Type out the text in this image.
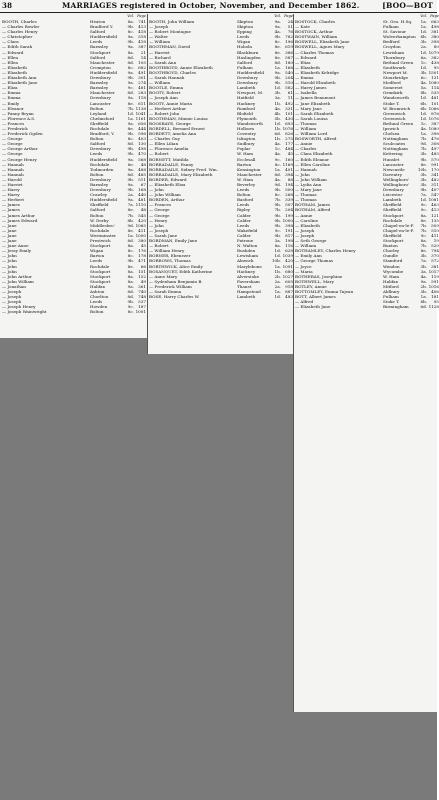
38	MARRIAGES registered in October, November, and December 1862.	[BOO—BOT
Vol. Page
BOOTH, Charles	Heaton	8a.	741
— Charles Bowler	Bradford Y.	9b.	413
— Charles Henry	Salford	8c.	418
— Christopher	Huddersfield	9a.	518
— Clara	Leeds	9b.	418
— Edith Sarah	Barnsley	9a.	387
— Edward	Stockport	8a.	21
— Ellen	Salford	8d.	14
— Ellen	Manchester	8d.	105
— Elizabeth	Crompton	8c.	682
— Elizabeth	Huddersfield	9a.	491
— Elizabeth Ann	Dewsbury	9b.	301
— Elizabeth Jane	Barnsley	9a.	274
— Eliza	Barnsley	9c.	481
— Emma	Manchester	8d.	283
— Emma	Dewsbury	9a.	118
— Emily	Lancaster	8e.	611
— Eleanor	Bolton	7b. 1138
— Fanny Bryan	Leyland	1d. 1041
— Florence A.S.	Chelmsford	1a. 1161
— Frances	Sheffield	9a.	656
— Frederick	Rochdale	8e.	444
— Frederick Ogden	Bradford, Y.	9b.	596
— George	Bolton	8c.	403
— George	Salford	8d.	130
— George Arthur	Dewsbury	9b.	498
— George	Leeds	9b.	470
— George Henry	Huddersfield	9a.	568
— Hannah	Rochdale	8e.	48
— Hannah	Todmorden	9a.	488
— Hannah	Bolton	8d.	485
— Harold	Dewsbury	9b.	511
— Harriet	Barnsley	9a.	67
— Harry	Dewsbury	9b.	168
— Harry	Crawley	2a.	440
— Herbert	Huddersfield	9a.	481
— James	Sheffield	7a. 1110
— James	Salford	8e.	48
— James Arthur	Bolton	7b.	545
— James Edward	W. Derby	8b.	420
— Jane	Middlesbro'	9d. 1065
— Jane	Rochdale	8e.	411
— Jane	Westminster	1a. 1000
— Jane	Prestwich	8d.	380
— Jane Anne	Stockport	8a.	45
— Jessy Emily	Wigan	8c.	176
— John	Barton	8c.	178
— John	Leeds	9b.	471
— John	Rochdale	8e.	66
— John	Stockport	8a.	151
— John Arthur	Stockport	8a.	152
— John William	Stockport	8a.	49
— Jonathan	Halifax	9a.	361
— Joseph	Ashton	8d.	740
— Joseph	Chorlton	8d.	748
— Joseph	Leeds	9b.	537
— Joseph Henry	Howden	9c.	187
— Joseph Wainwright	Bolton	8c. 1001
Vol. Page
BOOTH, John William	Skipton	9a.	24
— Joseph	Skipton	9a.	51
— Robert Montague	Epping	4a.	76
— Walter	Leeds	9b.	782
— William	Wigan	8c.	196
BOOTHMAN, David	Hoboln	8e.	619
— Harriet	Blackburn	8e.	386
— Richard	Haslingden	8e.	587
— Sarah Ann	Salford	8d.	180
BOOTHROYD, Annie Elizabeth	Fulham	1a.	168
BOOTHROYD, Charles	Huddersfield	9a.	540
— Sarah Hannah	Dewsbury	9b.	204
— William	Dewsbury	9b.	510
BOOTLE, Emma	Lambeth	1d.	582
BOOTY, Robert	Newport, M.	3b.	61
— Joseph Ann	Hatfield	3a.	11
BOOTY, Annie Maria	Hackney	1b.	492
— Herbert Arthur	Romford	4a.	331
— Robert John	Blofield	4b.	101
BOOTHMAN, Minnie Louisa	Plymouth	5b.	430
BOOSBAYE, George	Wandsworth	1d.	693
BORDELL, Bernard Ernest	Holborn	1b. 1076
BORDETT, Amelia Ann	Coventry	6d.	826
— Charles Guy	Islington	1b.	275
— Ellen Lilian	Sudbury	4a.	177
— Florence Amelia	Poplar	1c.	484
— Robert	W. Ham	4a.	45
BORNETT, Matilda	Ecclesall	9c.	160
BORRADAILE, Fanny	Barton	8c. 1169
BORRADAILE, Sidney Fred. Wm.	Kensington	1a.	401
BORRADAILE, Mary Elizabeth	Manchester	8d.	394
BORDER, Edward	W. Ham	4a.	88
— Elizabeth Eliza	Beverley	9d.	194
— John	Leeds	9b.	500
— John William	Bolton	8c.	268
BORDEN, Arthur	Basford	7b.	339
— Frances	Leeds	9b.	507
— George	Ripley	7b.	204
— George	Calder	9b.	199
— Henry	Calder	9b. 1000
— John	Leeds	9b.	398
— Joseph	Wakefield	9c.	191
— Sarah Jane	Calder	9b.	817
BORDMAN, Emily Jane	Patrone	3a.	198
— Robert	N. Walton	8a.	116
— William Henry	Rushden	1d.	628
BORNER, Ebenezer	Lewisham	1d. 1039
BORROWS, Thomas	Alnwick	10b.	420
BORTHWICK, Alice Emily	Marylebone	1a. 1091
BOSANQUET, Edith Katherine	Hackney	1b.	680
— Anne Mary	Alverstoke	2b. 1027
— Sydenham Benjamin B.	Faversham	2a.	605
— Frederick William	Thanet	2a.	918
— Sarah Emma	Hampstead	1a.	887
BOSE, Harry Charles W.	Lambeth	1d.	483
Vol. Page
BOSTOCK, Charles	St. Geo. H.Sq.	1a.	663
— Kate	Fulham	1a.	498
BOSTOCK, Arthur	St. Saviour	1d.	381
BOSTWAIN, William	Wolverhampton	6b.	380
BOSWELL, Elizabeth Jane	Bedford	3b.	398
BOSWELL, Agnes Mary	Croydon	2a.	80
— Charles Thomas	Lewisham	1d. 1079
— Edward	Thornbury	6a.	382
— Eliza	Bethnal Green	1c.	438
— Elizabeth	Southwark	1d.	95
— Elizabeth Kelridge	Newport M.	3b. 1501
— Emma	Stourbridge	6c.	131
— Harold Elizabeth	Medford	4a. 1080
— Harry James	Somerset	5a.	114
— Isabella	Ormskirk	8b.	535
— James Beaumont	Wandsworth	1d.	481
— Jane Elizabeth	Stoke T.	6b.	101
— Mary Jane	W. Bromwich	6b. 1066
— Sarah Elizabeth	Greenwich	1d.	876
— Sarah Louisa	Greenwich	1d. 1076
— Thomas	Bethnal Green	1c.	387
— William	Ipswich	4a. 1080
— William Lord	Chelsea	1a.	398
BOSWORTH, Alfred	Nottingham	7b.	476
— Annie	Sculcoates	9d.	308
— Charles	Nottingham	7b.	497
— Clara Elizabeth	Kettering	3b.	485
— Edith Eleanor	Hunslet	9b.	570
— Ellen Caroline	Lancaster	8e.	991
— Hannah	Newcastle	10b.	170
— John	Daventry	3b.	341
— John William	Wellingboro'	3b.	482
— Lydia Ann	Wellingboro'	3b.	311
— Mary Jane	Dewsbury	9b.	407
— Thomas	Leicester	7a.	547
— Thomas	Lambeth	1d. 1081
BOTHAM, James	Sheffield	9c.	463
BOTHAM, Alfred	Sheffield	9c.	413
— Annie	Stockport	8a.	121
— Caroline	Rochdale	8e.	135
— Elizabeth	Chapel-en-le-F.	7b.	509
— Joseph	Chapel-en-le-F.	7b.	510
— Joseph	Sheffield	9c.	411
— Seth George	Stockport	8a.	19
— William	Buxton	7b.	520
BOTHAMLEY, Charles Henry	Chorley	8e.	794
— Emily Ann	Oundle	3b.	370
— George Thomas	Stamford	7a.	572
— Joyce	Wendon	3b.	381
— Maria	Wycombe	3a. 1017
BOTHERAS, Josephine	W. Ham	4a.	119
BOTHWELL, Mary	Halifax	9a.	591
BOTLEY, Annie	Mitford	2b. 1016
BOTTOMLEY, Emma Tajean	Aldbury	3b.	406
BOTT, Albert James	Fulham	1a.	181
— Alfred	Stoke T.	6b.	95
— Elizabeth Jane	Birmingham	6d. 1128
